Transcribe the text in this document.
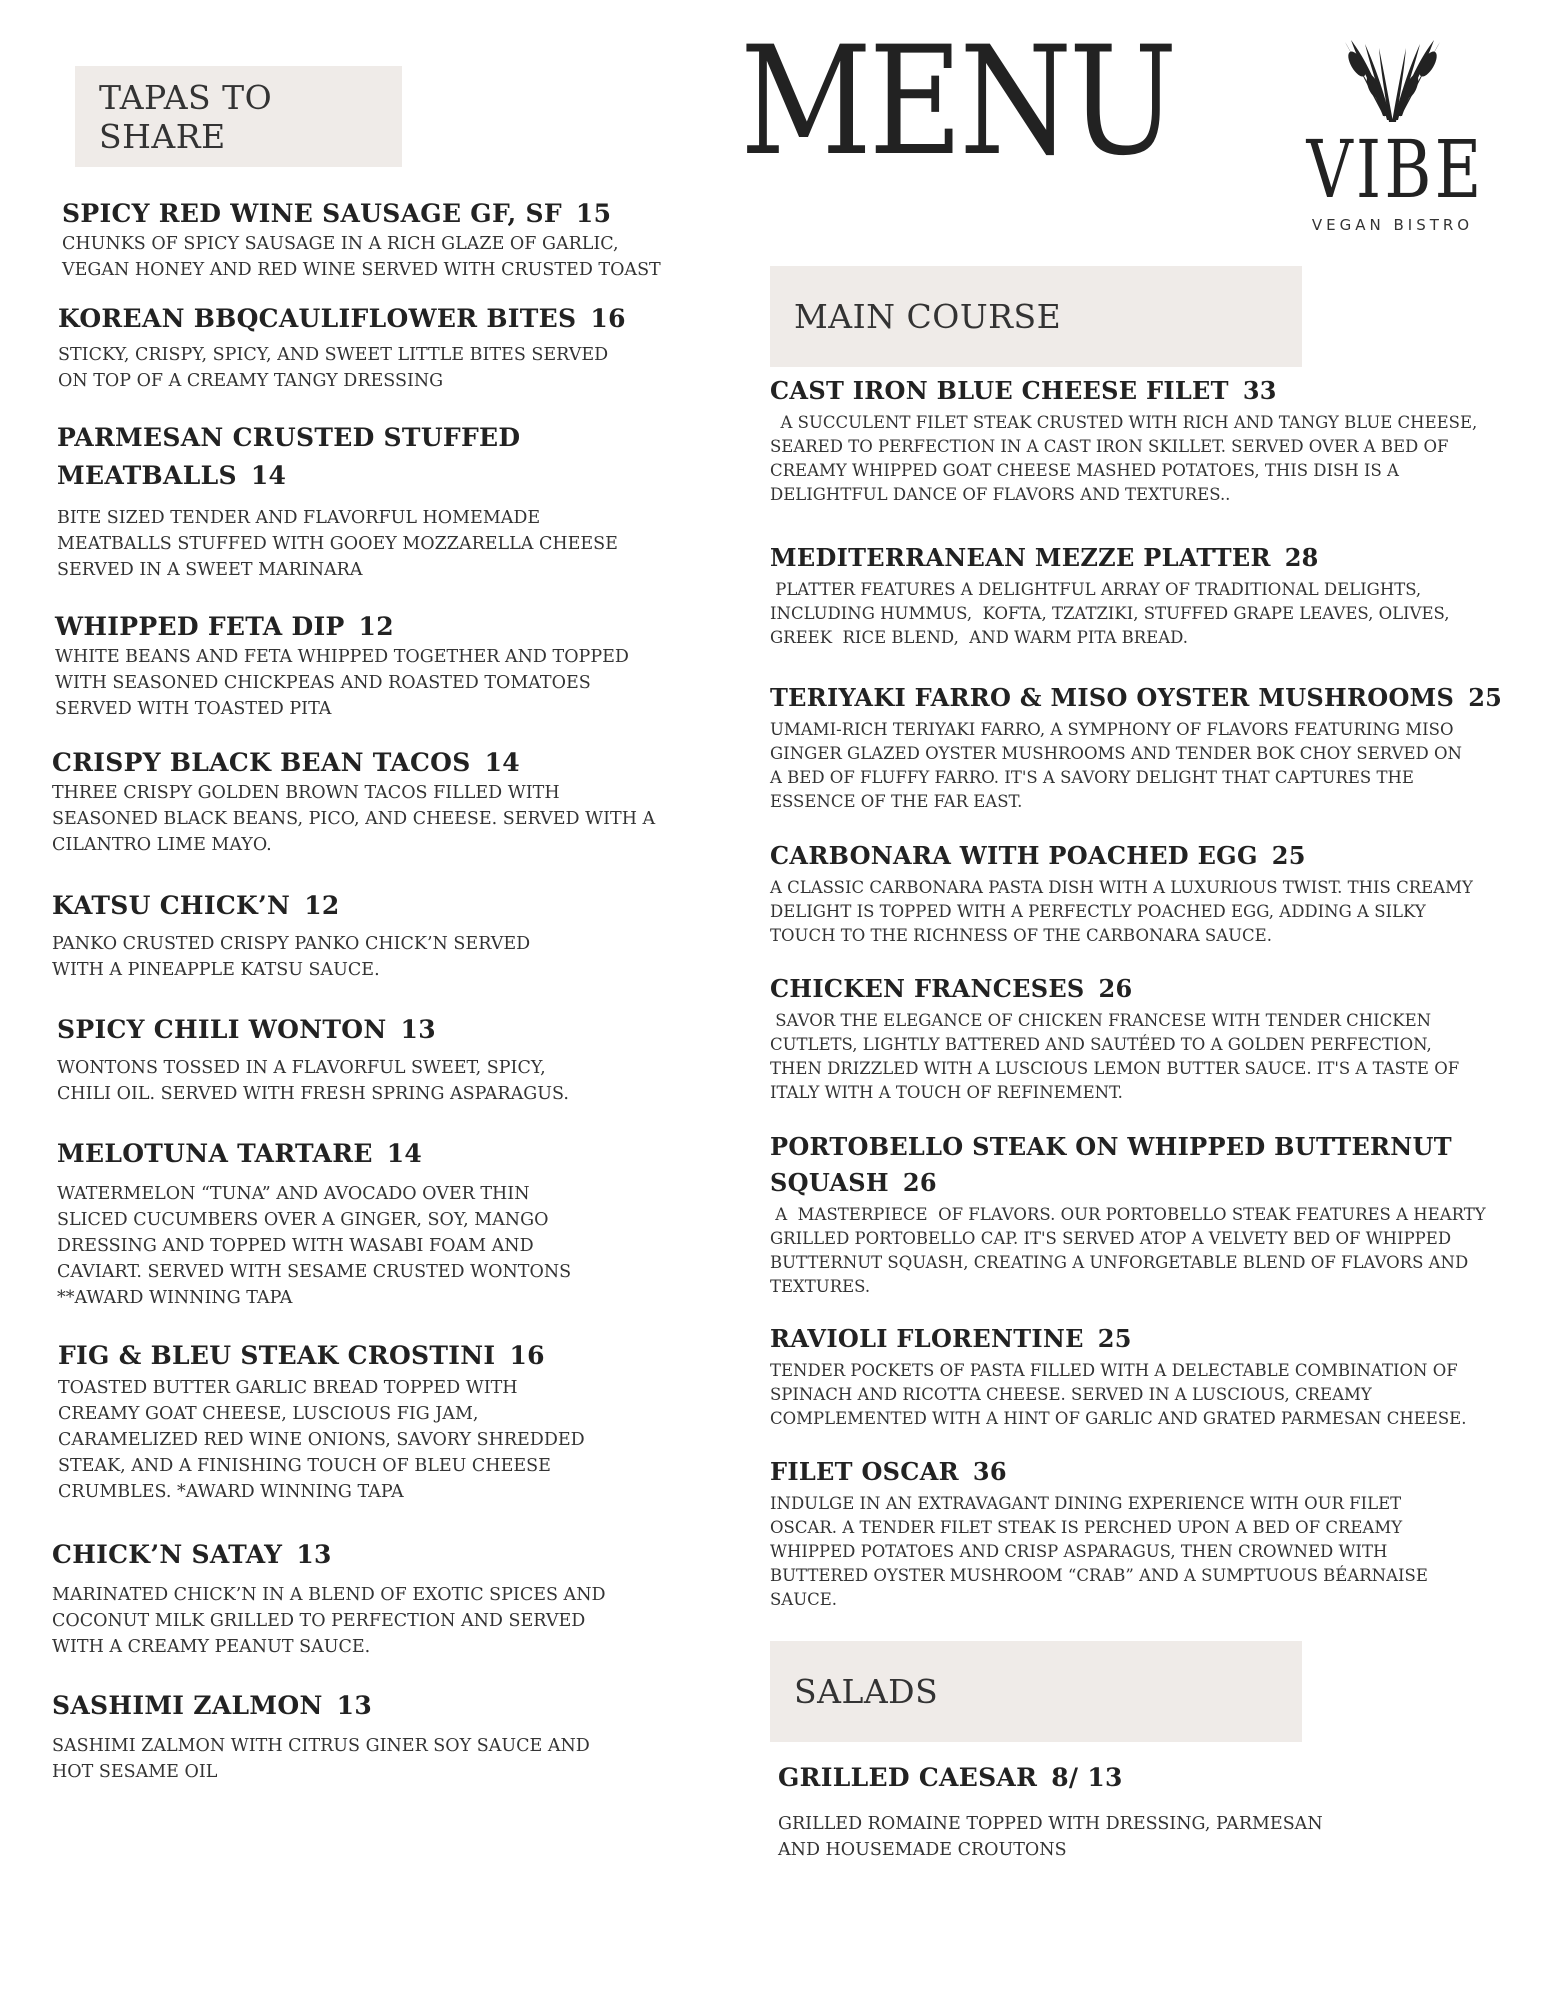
TAPAS TO SHARE
MAIN COURSE
SALADS
MENU VIBE
VEGAN BISTRO
SPICY RED WINE SAUSAGE GF, SF 15
CHUNKS OF SPICY SAUSAGE IN A RICH GLAZE OF GARLIC,
VEGAN HONEY AND RED WINE SERVED WITH CRUSTED TOAST
KOREAN BBQCAULIFLOWER BITES 16
STICKY, CRISPY, SPICY, AND SWEET LITTLE BITES SERVED
ON TOP OF A CREAMY TANGY DRESSING
PARMESAN CRUSTED STUFFED
MEATBALLS 14
BITE SIZED TENDER AND FLAVORFUL HOMEMADE
MEATBALLS STUFFED WITH GOOEY MOZZARELLA CHEESE
SERVED IN A SWEET MARINARA
WHIPPED FETA DIP 12
WHITE BEANS AND FETA WHIPPED TOGETHER AND TOPPED
WITH SEASONED CHICKPEAS AND ROASTED TOMATOES
SERVED WITH TOASTED PITA
CRISPY BLACK BEAN TACOS 14
THREE CRISPY GOLDEN BROWN TACOS FILLED WITH
SEASONED BLACK BEANS, PICO, AND CHEESE. SERVED WITH A
CILANTRO LIME MAYO.
KATSU CHICK’N 12
PANKO CRUSTED CRISPY PANKO CHICK’N SERVED
WITH A PINEAPPLE KATSU SAUCE.
SPICY CHILI WONTON 13
WONTONS TOSSED IN A FLAVORFUL SWEET, SPICY,
CHILI OIL. SERVED WITH FRESH SPRING ASPARAGUS.
MELOTUNA TARTARE 14
WATERMELON “TUNA” AND AVOCADO OVER THIN
SLICED CUCUMBERS OVER A GINGER, SOY, MANGO
DRESSING AND TOPPED WITH WASABI FOAM AND
CAVIART. SERVED WITH SESAME CRUSTED WONTONS
**AWARD WINNING TAPA
FIG & BLEU STEAK CROSTINI 16
TOASTED BUTTER GARLIC BREAD TOPPED WITH
CREAMY GOAT CHEESE, LUSCIOUS FIG JAM,
CARAMELIZED RED WINE ONIONS, SAVORY SHREDDED
STEAK, AND A FINISHING TOUCH OF BLEU CHEESE
CRUMBLES. *AWARD WINNING TAPA
CHICK’N SATAY 13
MARINATED CHICK’N IN A BLEND OF EXOTIC SPICES AND
COCONUT MILK GRILLED TO PERFECTION AND SERVED
WITH A CREAMY PEANUT SAUCE.
SASHIMI ZALMON 13
SASHIMI ZALMON WITH CITRUS GINER SOY SAUCE AND
HOT SESAME OIL
CAST IRON BLUE CHEESE FILET 33
A SUCCULENT FILET STEAK CRUSTED WITH RICH AND TANGY BLUE CHEESE,
SEARED TO PERFECTION IN A CAST IRON SKILLET. SERVED OVER A BED OF
CREAMY WHIPPED GOAT CHEESE MASHED POTATOES, THIS DISH IS A
DELIGHTFUL DANCE OF FLAVORS AND TEXTURES..
MEDITERRANEAN MEZZE PLATTER 28
PLATTER FEATURES A DELIGHTFUL ARRAY OF TRADITIONAL DELIGHTS,
INCLUDING HUMMUS,  KOFTA, TZATZIKI, STUFFED GRAPE LEAVES, OLIVES,
GREEK  RICE BLEND,  AND WARM PITA BREAD.
TERIYAKI FARRO & MISO OYSTER MUSHROOMS 25
UMAMI-RICH TERIYAKI FARRO, A SYMPHONY OF FLAVORS FEATURING MISO
GINGER GLAZED OYSTER MUSHROOMS AND TENDER BOK CHOY SERVED ON
A BED OF FLUFFY FARRO. IT'S A SAVORY DELIGHT THAT CAPTURES THE
ESSENCE OF THE FAR EAST.
CARBONARA WITH POACHED EGG 25
A CLASSIC CARBONARA PASTA DISH WITH A LUXURIOUS TWIST. THIS CREAMY
DELIGHT IS TOPPED WITH A PERFECTLY POACHED EGG, ADDING A SILKY
TOUCH TO THE RICHNESS OF THE CARBONARA SAUCE.
CHICKEN FRANCESES 26
SAVOR THE ELEGANCE OF CHICKEN FRANCESE WITH TENDER CHICKEN
CUTLETS, LIGHTLY BATTERED AND SAUTÉED TO A GOLDEN PERFECTION,
THEN DRIZZLED WITH A LUSCIOUS LEMON BUTTER SAUCE. IT'S A TASTE OF
ITALY WITH A TOUCH OF REFINEMENT.
PORTOBELLO STEAK ON WHIPPED BUTTERNUT
SQUASH 26
A  MASTERPIECE  OF FLAVORS. OUR PORTOBELLO STEAK FEATURES A HEARTY
GRILLED PORTOBELLO CAP. IT'S SERVED ATOP A VELVETY BED OF WHIPPED
BUTTERNUT SQUASH, CREATING A UNFORGETABLE BLEND OF FLAVORS AND
TEXTURES.
RAVIOLI FLORENTINE 25
TENDER POCKETS OF PASTA FILLED WITH A DELECTABLE COMBINATION OF
SPINACH AND RICOTTA CHEESE. SERVED IN A LUSCIOUS, CREAMY
COMPLEMENTED WITH A HINT OF GARLIC AND GRATED PARMESAN CHEESE.
FILET OSCAR 36
INDULGE IN AN EXTRAVAGANT DINING EXPERIENCE WITH OUR FILET
OSCAR. A TENDER FILET STEAK IS PERCHED UPON A BED OF CREAMY
WHIPPED POTATOES AND CRISP ASPARAGUS, THEN CROWNED WITH
BUTTERED OYSTER MUSHROOM “CRAB” AND A SUMPTUOUS BÉARNAISE
SAUCE.
GRILLED CAESAR 8/ 13
GRILLED ROMAINE TOPPED WITH DRESSING, PARMESAN
AND HOUSEMADE CROUTONS
